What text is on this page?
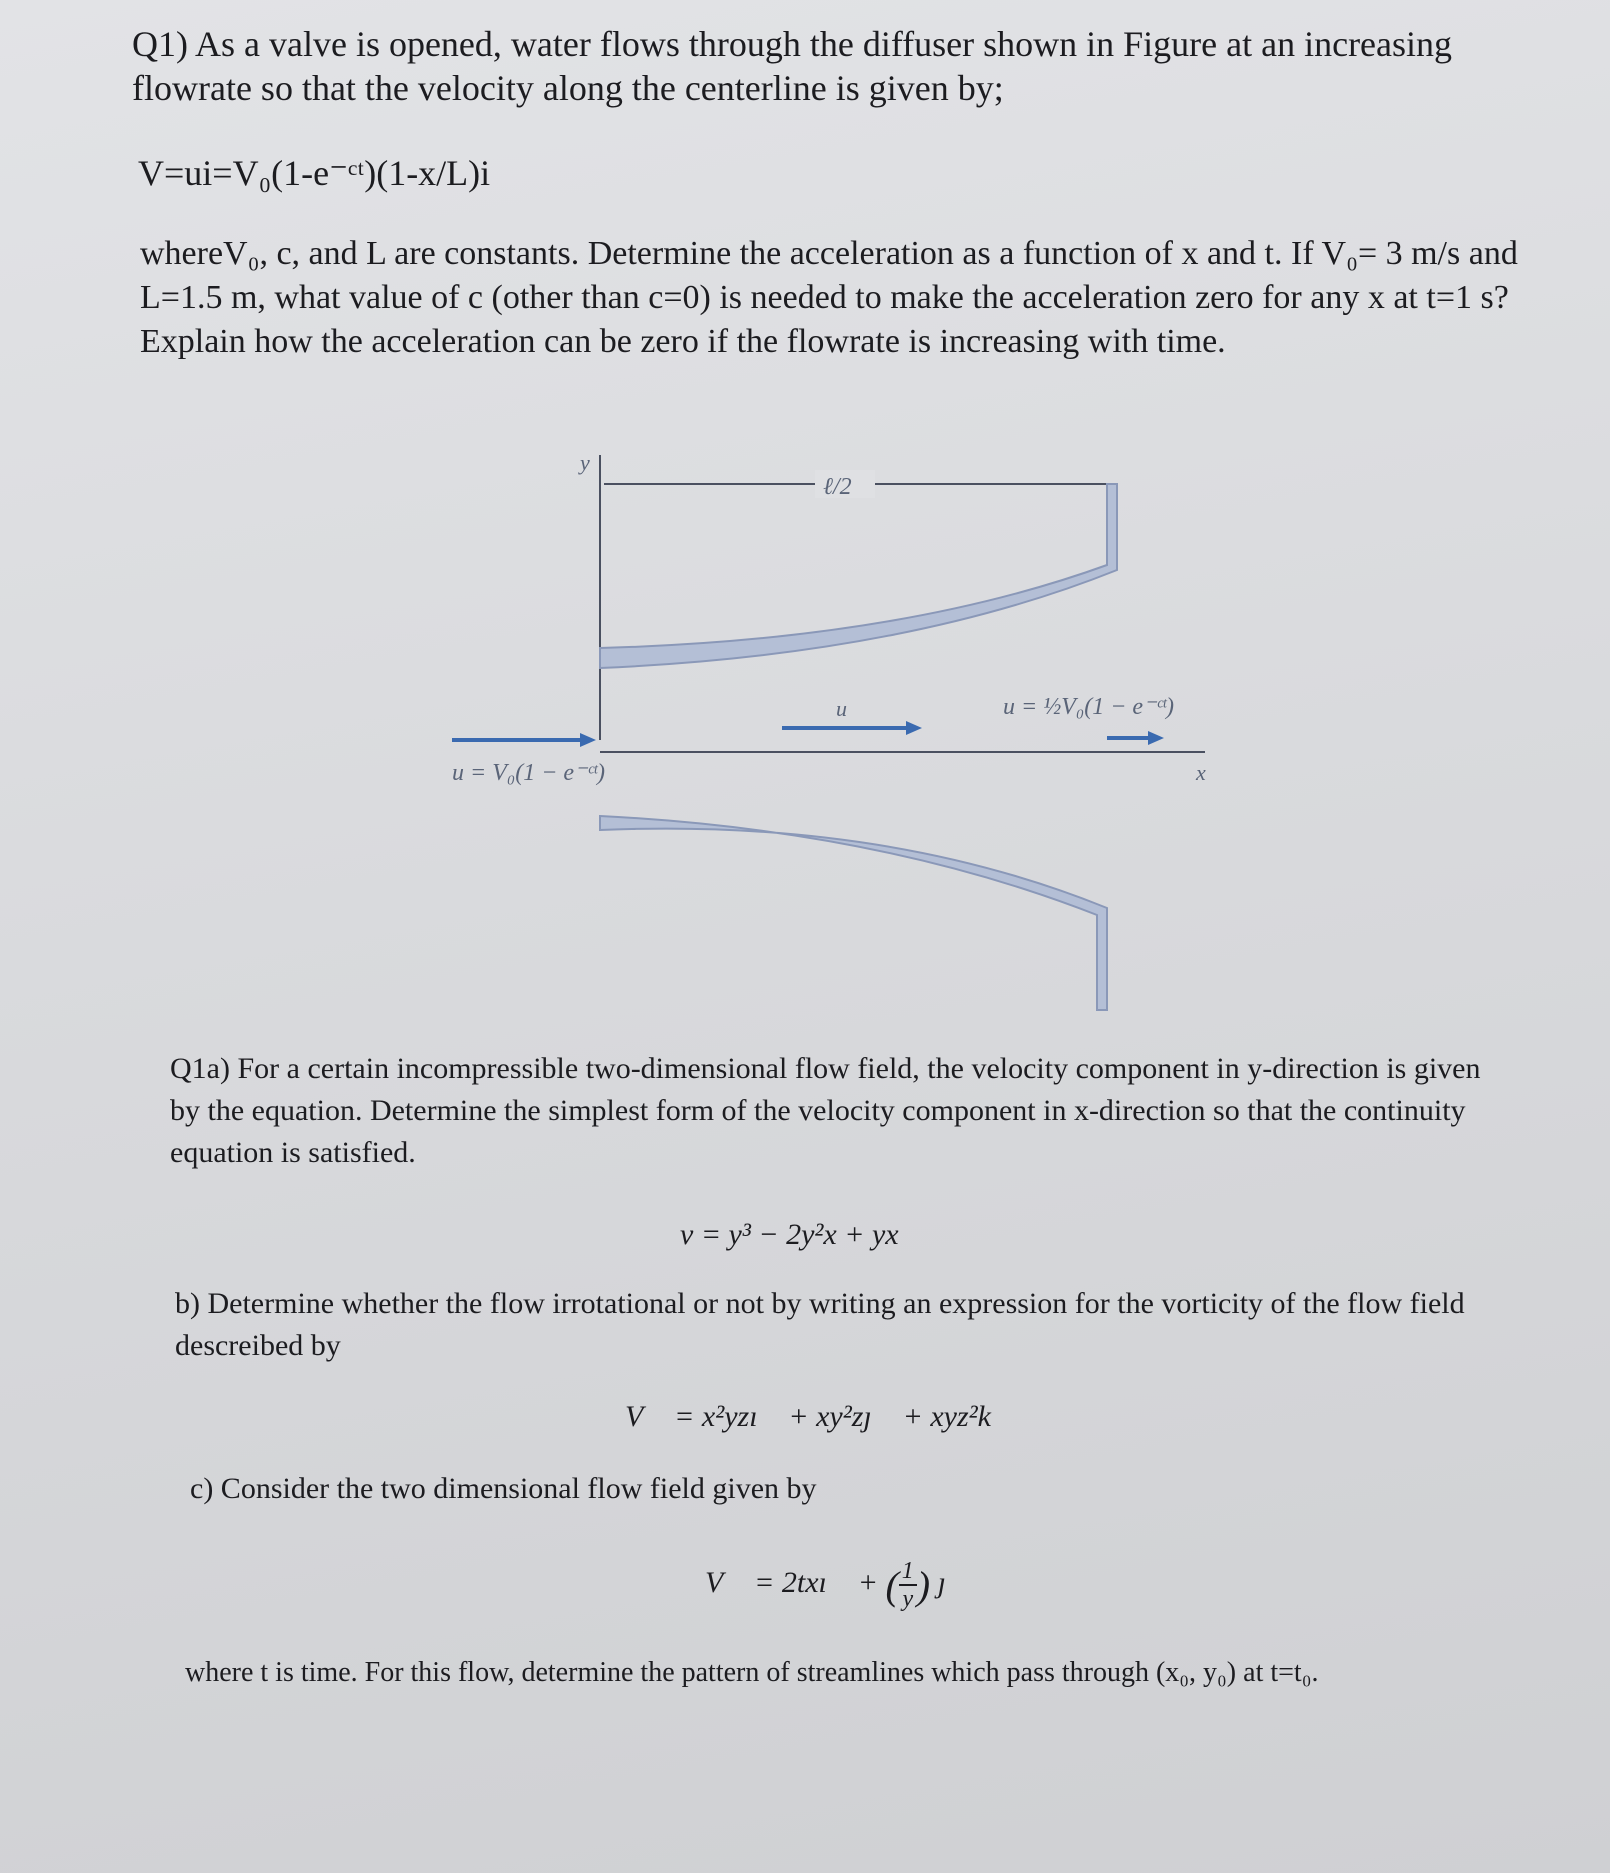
Q1) As a valve is opened, water flows through the diffuser shown in Figure at an increasing flowrate so that the velocity along the centerline is given by;

V=ui=V₀(1-e⁻ᶜᵗ)(1-x/L)i

whereV₀, c, and L are constants. Determine the acceleration as a function of x and t. If V₀= 3 m/s and L=1.5 m, what value of c (other than c=0) is needed to make the acceleration zero for any x at t=1 s? Explain how the acceleration can be zero if the flowrate is increasing with time.

y
ℓ/2
x
u = V₀(1 − e⁻ᶜᵗ)
u	u = ½V₀(1 − e⁻ᶜᵗ)

Q1a) For a certain incompressible two-dimensional flow field, the velocity component in y-direction is given by the equation. Determine the simplest form of the velocity component in x-direction so that the continuity equation is satisfied.

v = y³ − 2y²x + yx

b) Determine whether the flow irrotational or not by writing an expression for the vorticity of the flow field descreibed by

V⃗ = x²yzı⃗ + xy²zȷ⃗ + xyz²k⃗
c) Consider the two dimensional flow field given by
V⃗ = 2txı⃗ + ( $\frac{1}{y}$ ) ȷ⃗

where t is time. For this flow, determine the pattern of streamlines which pass through (x₀, y₀) at t=t₀.
